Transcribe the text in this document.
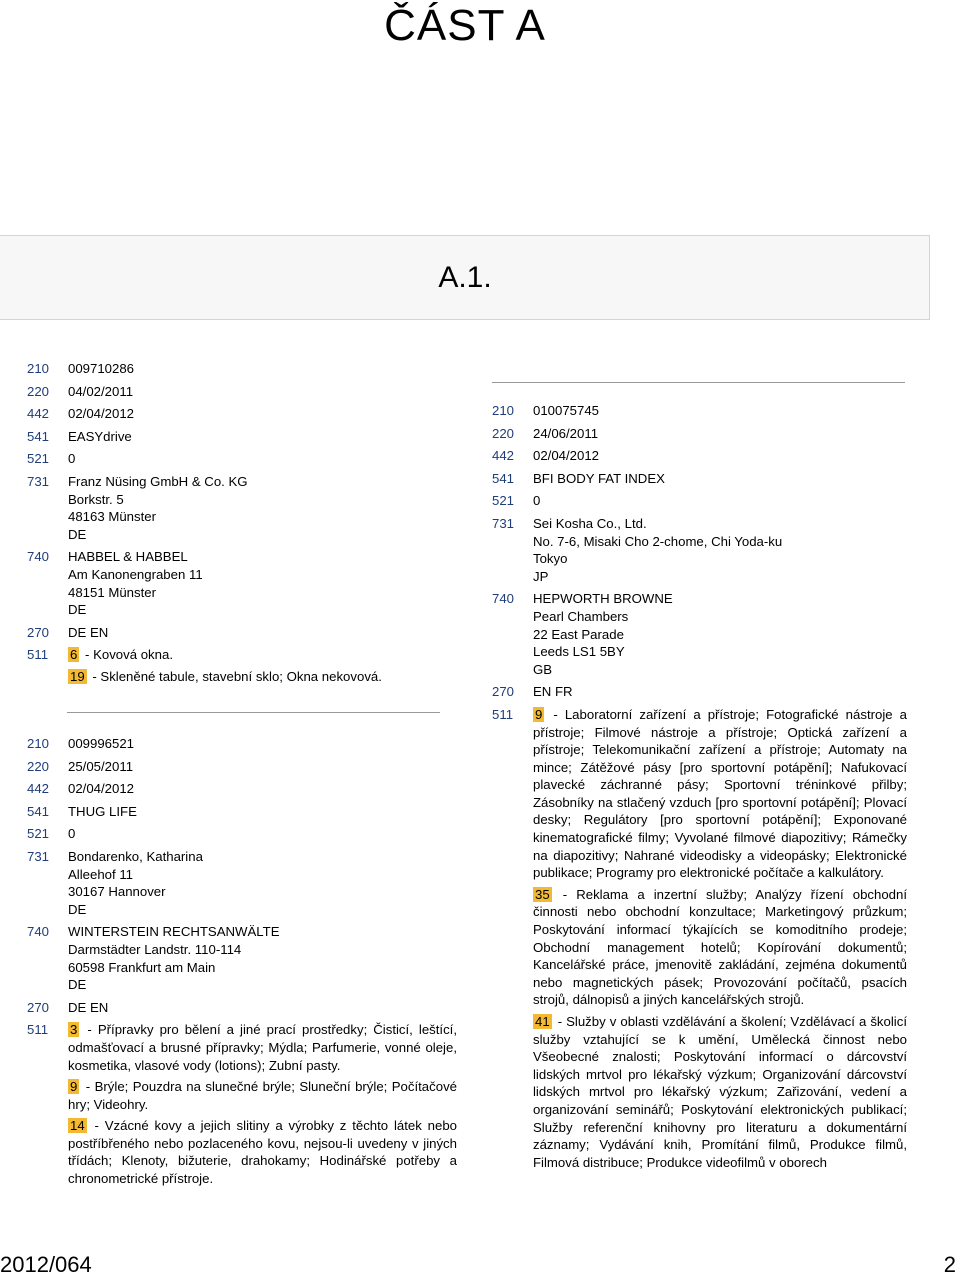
ČÁST A
A.1.
210	009710286
220	04/02/2011
442	02/04/2012
541	EASYdrive
521	0
731	Franz Nüsing GmbH & Co. KG
Borkstr. 5
48163 Münster
DE
740	HABBEL & HABBEL
Am Kanonengraben 11
48151 Münster
DE
270	DE EN
511	6 - Kovová okna.
19 - Skleněné tabule, stavební sklo; Okna nekovová.
210	009996521
220	25/05/2011
442	02/04/2012
541	THUG LIFE
521	0
731	Bondarenko, Katharina
Alleehof 11
30167 Hannover
DE
740	WINTERSTEIN RECHTSANWÄLTE
Darmstädter Landstr. 110-114
60598 Frankfurt am Main
DE
270	DE EN
511	3 - Přípravky pro bělení a jiné prací prostředky; Čisticí, leštící, odmašťovací a brusné přípravky; Mýdla; Parfumerie, vonné oleje, kosmetika, vlasové vody (lotions); Zubní pasty.
9 - Brýle; Pouzdra na slunečné brýle; Sluneční brýle; Počítačové hry; Videohry.
14 - Vzácné kovy a jejich slitiny a výrobky z těchto látek nebo postříbřeného nebo pozlaceného kovu, nejsou-li uvedeny v jiných třídách; Klenoty, bižuterie, drahokamy; Hodinářské potřeby a chronometrické přístroje.
210	010075745
220	24/06/2011
442	02/04/2012
541	BFI BODY FAT INDEX
521	0
731	Sei Kosha Co., Ltd.
No. 7-6, Misaki Cho 2-chome, Chi Yoda-ku
Tokyo
JP
740	HEPWORTH BROWNE
Pearl Chambers
22 East Parade
Leeds LS1 5BY
GB
270	EN FR
511	9 - Laboratorní zařízení a přístroje; Fotografické nástroje a přístroje; Filmové nástroje a přístroje; Optická zařízení a přístroje; Telekomunikační zařízení a přístroje; Automaty na mince; Zátěžové pásy [pro sportovní potápění]; Nafukovací plavecké záchranné pásy; Sportovní tréninkové přilby; Zásobníky na stlačený vzduch [pro sportovní potápění]; Plovací desky; Regulátory [pro sportovní potápění]; Exponované kinematografické filmy; Vyvolané filmové diapozitivy; Rámečky na diapozitivy; Nahrané videodisky a videopásky; Elektronické publikace; Programy pro elektronické počítače a kalkulátory.
35 - Reklama a inzertní služby; Analýzy řízení obchodní činnosti nebo obchodní konzultace; Marketingový průzkum; Poskytování informací týkajících se komoditního prodeje; Obchodní management hotelů; Kopírování dokumentů; Kancelářské práce, jmenovitě zakládání, zejména dokumentů nebo magnetických pásek; Provozování počítačů, psacích strojů, dálnopisů a jiných kancelářských strojů.
41 - Služby v oblasti vzdělávání a školení; Vzdělávací a školicí služby vztahující se k umění, Umělecká činnost nebo Všeobecné znalosti; Poskytování informací o dárcovství lidských mrtvol pro lékařský výzkum; Organizování dárcovství lidských mrtvol pro lékařský výzkum; Zařizování, vedení a organizování seminářů; Poskytování elektronických publikací; Služby referenční knihovny pro literaturu a dokumentární záznamy; Vydávání knih, Promítání filmů, Produkce filmů, Filmová distribuce; Produkce videofilmů v oborech
2012/064	2
